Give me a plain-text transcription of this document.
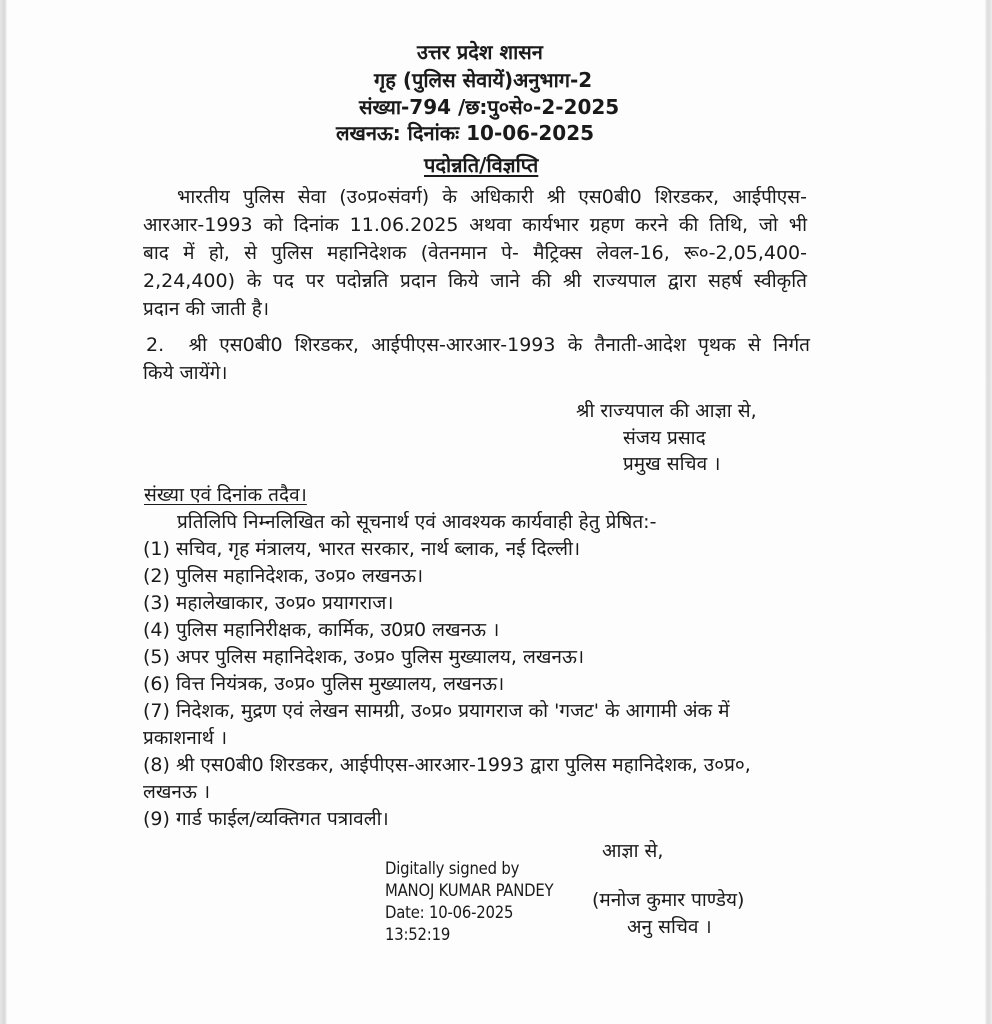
उत्तर प्रदेश शासन
गृह (पुलिस सेवायें)अनुभाग-2
संख्या-794 /छ:पु०से०-2-2025
लखनऊ: दिनांकः 10-06-2025
पदोन्नति/विज्ञप्ति
भारतीय पुलिस सेवा (उ०प्र०संवर्ग) के अधिकारी श्री एस0बी0 शिरडकर, आईपीएस-
आरआर-1993 को दिनांक 11.06.2025 अथवा कार्यभार ग्रहण करने की तिथि, जो भी
बाद में हो, से पुलिस महानिदेशक (वेतनमान पे- मैट्रिक्स लेवल-16, रू०-2,05,400-
2,24,400) के पद पर पदोन्नति प्रदान किये जाने की श्री राज्यपाल द्वारा सहर्ष स्वीकृति
प्रदान की जाती है।
2.  श्री एस0बी0 शिरडकर, आईपीएस-आरआर-1993 के तैनाती-आदेश पृथक से निर्गत
किये जायेंगे।
श्री राज्यपाल की आज्ञा से,
संजय प्रसाद
प्रमुख सचिव ।
संख्या एवं दिनांक तदैव।
प्रतिलिपि निम्नलिखित को सूचनार्थ एवं आवश्यक कार्यवाही हेतु प्रेषित:-
(1) सचिव, गृह मंत्रालय, भारत सरकार, नार्थ ब्लाक, नई दिल्ली।
(2) पुलिस महानिदेशक, उ०प्र० लखनऊ।
(3) महालेखाकार, उ०प्र० प्रयागराज।
(4) पुलिस महानिरीक्षक, कार्मिक, उ0प्र0 लखनऊ ।
(5) अपर पुलिस महानिदेशक, उ०प्र० पुलिस मुख्यालय, लखनऊ।
(6) वित्त नियंत्रक, उ०प्र० पुलिस मुख्यालय, लखनऊ।
(7) निदेशक, मुद्रण एवं लेखन सामग्री, उ०प्र० प्रयागराज को 'गजट' के आगामी अंक में
प्रकाशनार्थ ।
(8) श्री एस0बी0 शिरडकर, आईपीएस-आरआर-1993 द्वारा पुलिस महानिदेशक, उ०प्र०,
लखनऊ ।
(9) गार्ड फाईल/व्यक्तिगत पत्रावली।
Digitally signed by
MANOJ KUMAR PANDEY
Date: 10-06-2025
13:52:19
आज्ञा से,
(मनोज कुमार पाण्डेय)
अनु सचिव ।
